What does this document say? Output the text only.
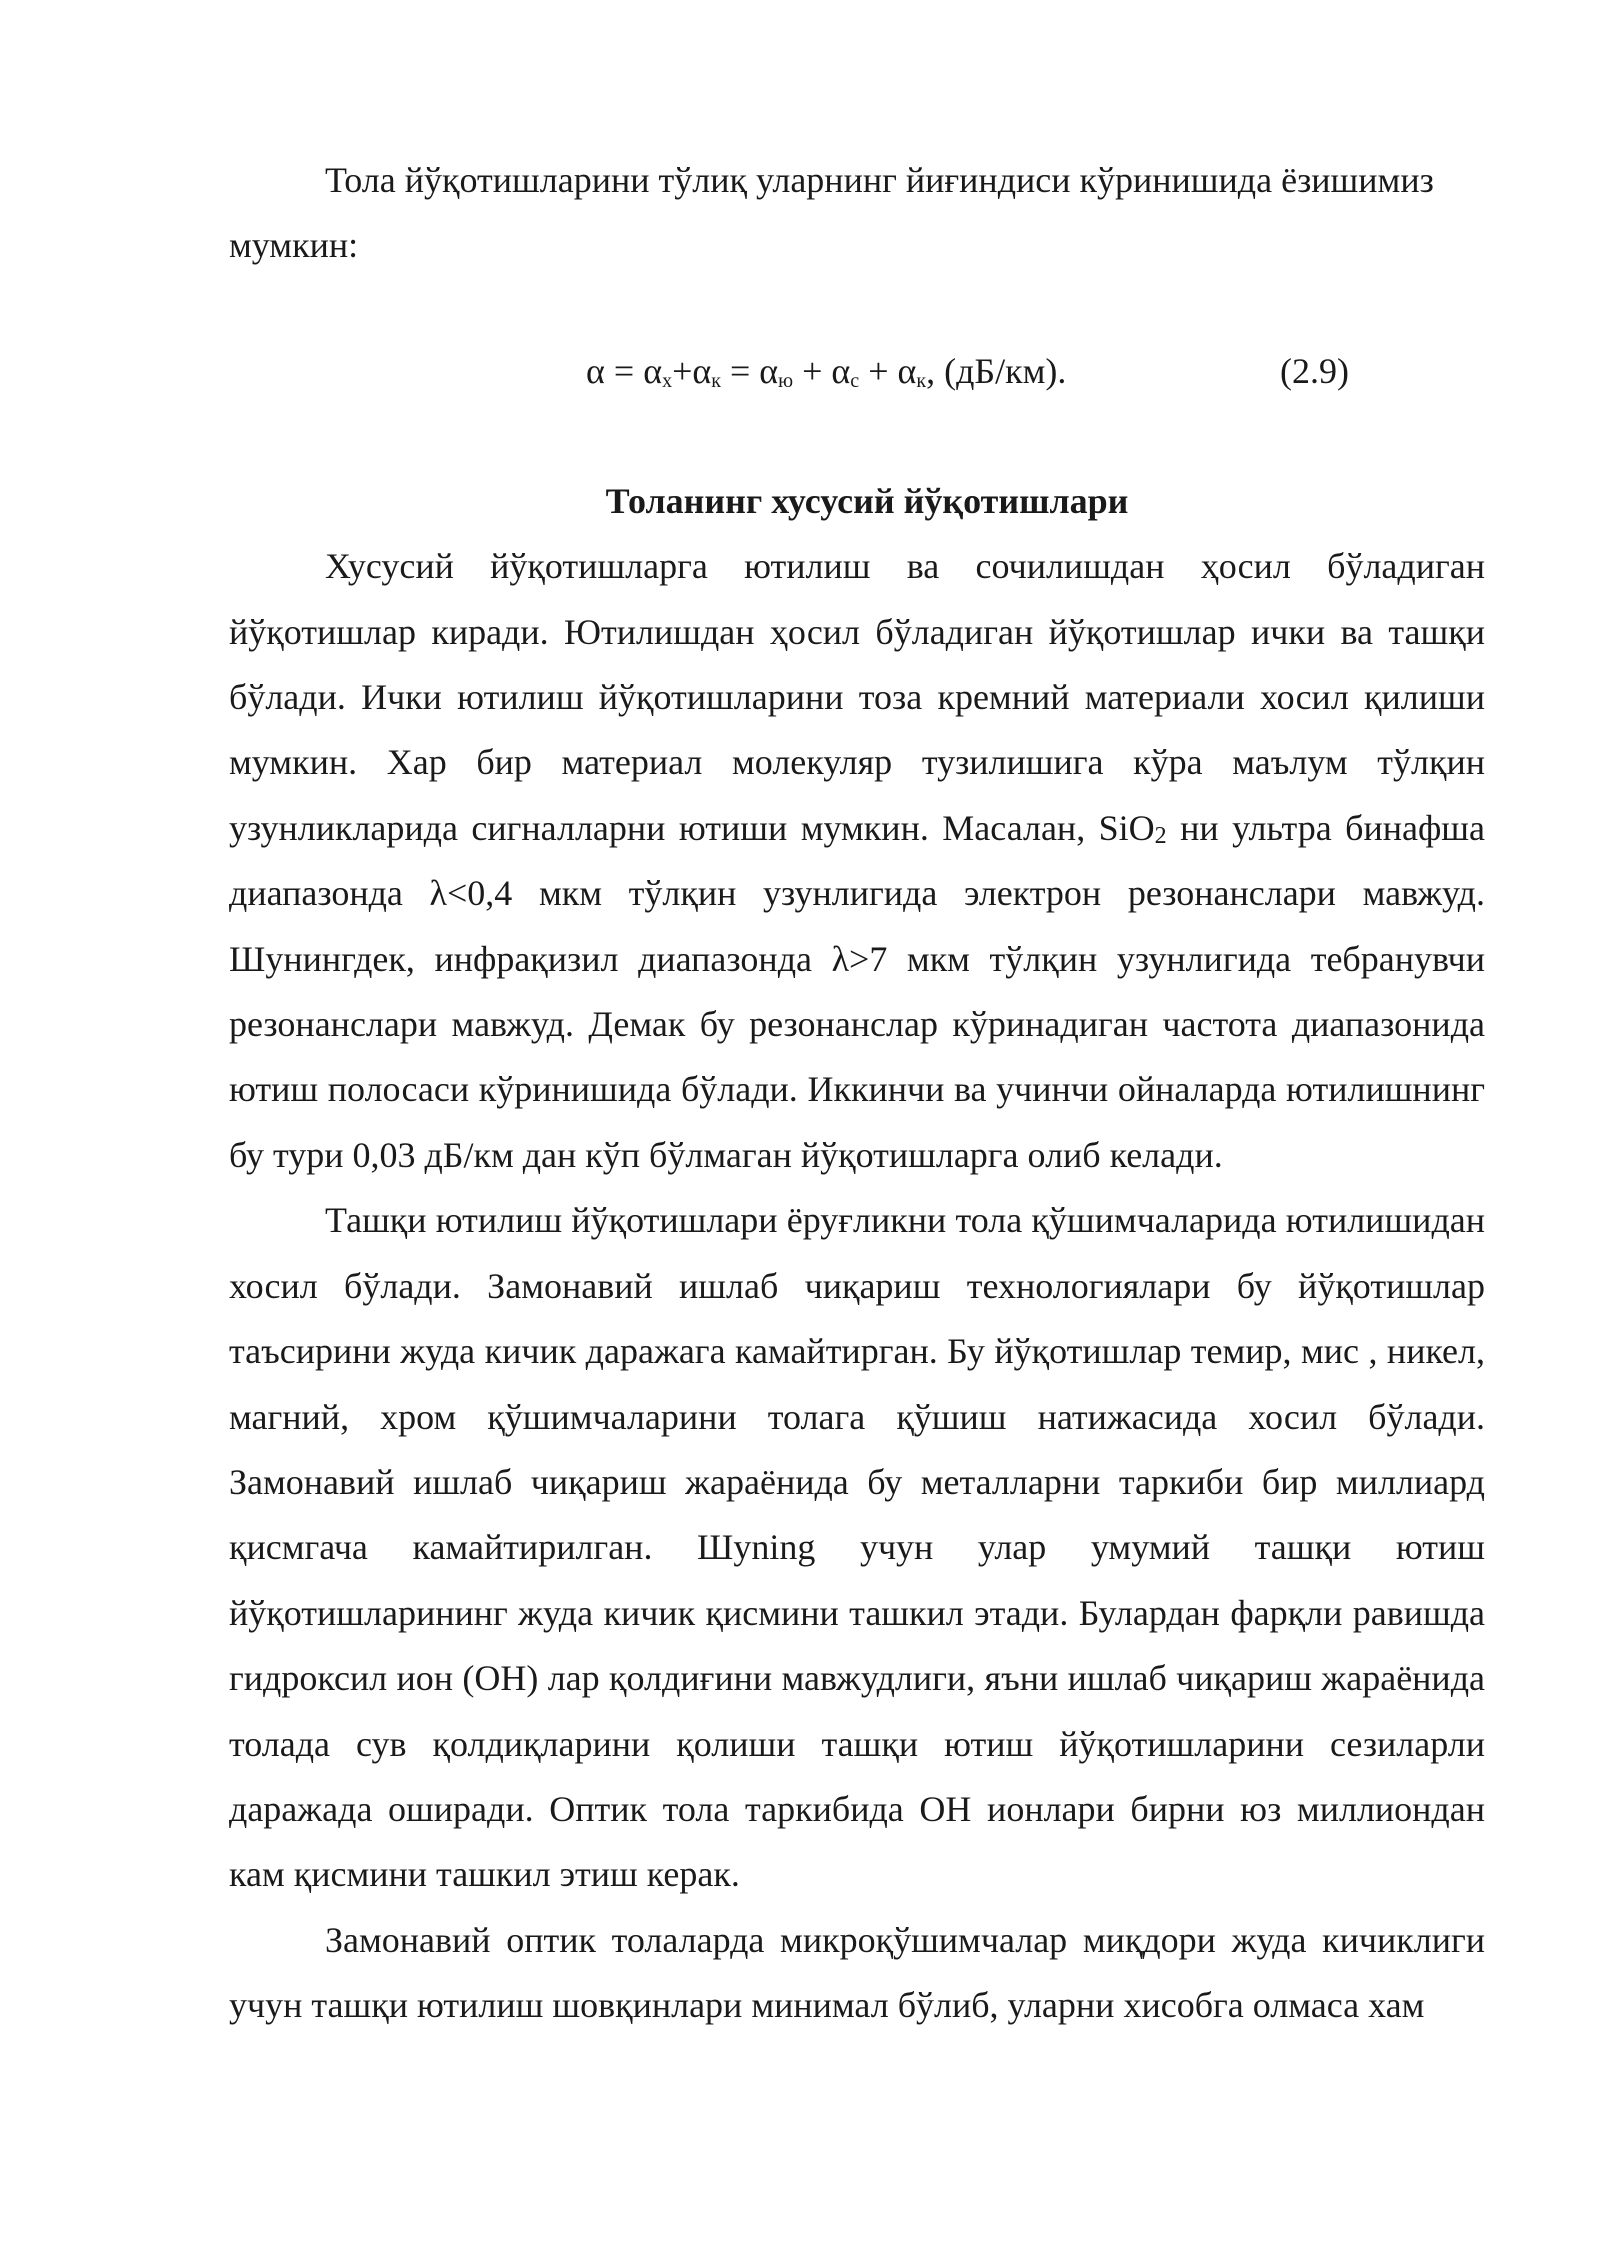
Тола йўқотишларини тўлиқ уларнинг йиғиндиси кўринишида ёзишимиз мумкин:

$\alpha = \alpha_х+\alpha_к = \alpha_ю + \alpha_с + \alpha_к$, (дБ/км).	(2.9)
Толанинг хусусий йўқотишлари

Хусусий йўқотишларга ютилиш ва сочилишдан ҳосил бўладиган йўқотишлар киради. Ютилишдан ҳосил бўладиган йўқотишлар ички ва ташқи бўлади. Ички ютилиш йўқотишларини тоза кремний материали хосил қилиши мумкин. Хар бир материал молекуляр тузилишига кўра маълум тўлқин узунликларида сигналларни ютиши мумкин. Масалан, SiO$_2$ ни ультра бинафша диапазонда λ<0,4 мкм тўлқин узунлигида электрон резонанслари мавжуд. Шунингдек, инфрақизил диапазонда λ>7 мкм тўлқин узунлигида тебранувчи резонанслари мавжуд. Демак бу резонанслар кўринадиган частота диапазонида ютиш полосаси кўринишида бўлади. Иккинчи ва учинчи ойналарда ютилишнинг бу тури 0,03 дБ/км дан кўп бўлмаган йўқотишларга олиб келади.

Ташқи ютилиш йўқотишлари ёруғликни тола қўшимчаларида ютилишидан хосил бўлади. Замонавий ишлаб чиқариш технологиялари бу йўқотишлар таъсирини жуда кичик даражага камайтирган. Бу йўқотишлар темир, мис , никел, магний, хром қўшимчаларини толага қўшиш натижасида хосил бўлади. Замонавий ишлаб чиқариш жараёнида бу металларни таркиби бир миллиард қисмгача камайтирилган. Шуning учун улар умумий ташқи ютиш йўқотишларининг жуда кичик қисмини ташкил этади. Булардан фарқли равишда гидроксил ион (ОН) лар қолдиғини мавжудлиги, яъни ишлаб чиқариш жараёнида толада сув қолдиқларини қолиши ташқи ютиш йўқотишларини сезиларли даражада оширади. Оптик тола таркибида ОН ионлари бирни юз миллиондан кам қисмини ташкил этиш керак.

Замонавий оптик толаларда микроқўшимчалар миқдори жуда кичиклиги учун ташқи ютилиш шовқинлари минимал бўлиб, уларни хисобга олмаса хам
